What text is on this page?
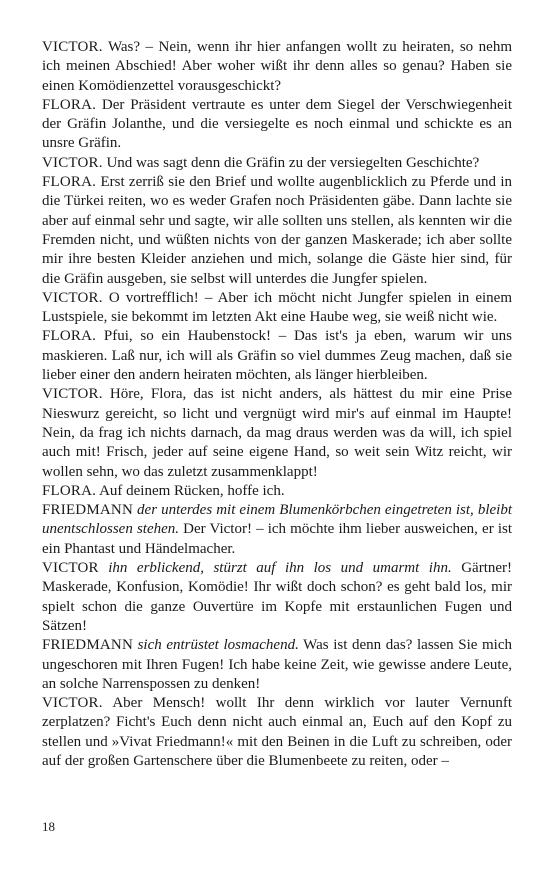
VICTOR. Was? – Nein, wenn ihr hier anfangen wollt zu heiraten, so nehm ich meinen Abschied! Aber woher wißt ihr denn alles so genau? Haben sie einen Komödienzettel vorausgeschickt?

FLORA. Der Präsident vertraute es unter dem Siegel der Verschwiegenheit der Gräfin Jolanthe, und die versiegelte es noch einmal und schickte es an unsre Gräfin.

VICTOR. Und was sagt denn die Gräfin zu der versiegelten Geschichte?

FLORA. Erst zerriß sie den Brief und wollte augenblicklich zu Pferde und in die Türkei reiten, wo es weder Grafen noch Präsidenten gäbe. Dann lachte sie aber auf einmal sehr und sagte, wir alle sollten uns stellen, als kennten wir die Fremden nicht, und wüßten nichts von der ganzen Maskerade; ich aber sollte mir ihre besten Kleider anziehen und mich, solange die Gäste hier sind, für die Gräfin ausgeben, sie selbst will unterdes die Jungfer spielen.

VICTOR. O vortrefflich! – Aber ich möcht nicht Jungfer spielen in einem Lustspiele, sie bekommt im letzten Akt eine Haube weg, sie weiß nicht wie.

FLORA. Pfui, so ein Haubenstock! – Das ist's ja eben, warum wir uns maskieren. Laß nur, ich will als Gräfin so viel dummes Zeug machen, daß sie lieber einer den andern heiraten möchten, als länger hierbleiben.

VICTOR. Höre, Flora, das ist nicht anders, als hättest du mir eine Prise Nieswurz gereicht, so licht und vergnügt wird mir's auf einmal im Haupte! Nein, da frag ich nichts darnach, da mag draus werden was da will, ich spiel auch mit! Frisch, jeder auf seine eigene Hand, so weit sein Witz reicht, wir wollen sehn, wo das zuletzt zusammenklappt!

FLORA. Auf deinem Rücken, hoffe ich.

FRIEDMANN der unterdes mit einem Blumenkörbchen eingetreten ist, bleibt unentschlossen stehen. Der Victor! – ich möchte ihm lieber ausweichen, er ist ein Phantast und Händelmacher.

VICTOR ihn erblickend, stürzt auf ihn los und umarmt ihn. Gärtner! Maskerade, Konfusion, Komödie! Ihr wißt doch schon? es geht bald los, mir spielt schon die ganze Ouvertüre im Kopfe mit erstaunlichen Fugen und Sätzen!

FRIEDMANN sich entrüstet losmachend. Was ist denn das? lassen Sie mich ungeschoren mit Ihren Fugen! Ich habe keine Zeit, wie gewisse andere Leute, an solche Narrenspossen zu denken!

VICTOR. Aber Mensch! wollt Ihr denn wirklich vor lauter Vernunft zerplatzen? Ficht's Euch denn nicht auch einmal an, Euch auf den Kopf zu stellen und »Vivat Friedmann!« mit den Beinen in die Luft zu schreiben, oder auf der großen Gartenschere über die Blumenbeete zu reiten, oder –

18
